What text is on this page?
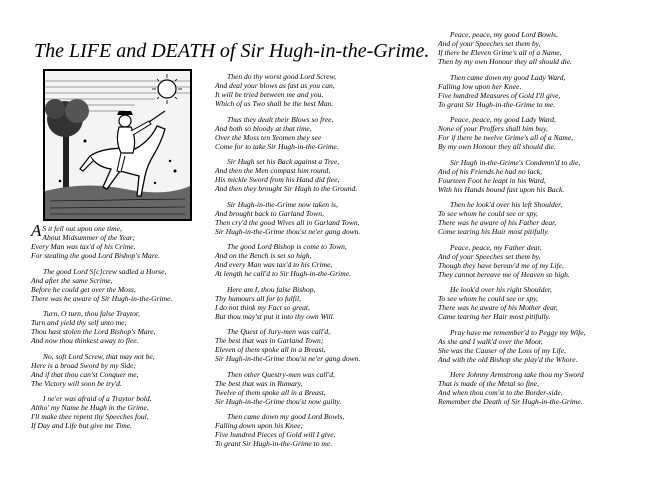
The LIFE and DEATH of Sir Hugh-in-the-Grime.
A S it fell out upon one time,
About Midsummer of the Year;
Every Man was tax'd of his Crime,
For stealing the good Lord Bishop's Mare.
The good Lord S[c]crew sadled a Horse,
And after the same Scrime,
Before he could get over the Moss,
There was he aware of Sir Hugh-in-the-Grime.
Turn, O turn, thou false Traytor,
Turn and yield thy self unto me;
Thou hast stolen the Lord Bishop's Mare,
And now thou thinkest away to flee.
No, soft Lord Screw, that may not be,
Here is a broad Sword by my Side;
And if that thou can'st Conquer me,
The Victory will soon be try'd.
I ne'er was afraid of a Traytor bold,
Altho' my Name be Hugh in the Grime,
I'll make thee repent thy Speeches foul,
If Day and Life but give me Time.
Then do thy worst good Lord Screw,
And deal your blows as fast as you can,
It will be tried between me and you,
Which of us Two shall be the best Man.
Thus they dealt their Blows so free,
And both so bloody at that time,
Over the Moss ten Yeomen they see
Come for to take Sir Hugh-in-the-Grime.
Sir Hugh set his Back against a Tree,
And then the Men compast him round,
His mickle Sword from his Hand did flee,
And then they brought Sir Hugh to the Ground.
Sir Hugh-in-the-Grime now taken is,
And brought back to Garland Town,
Then cry'd the good Wives all in Garland Town,
Sir Hugh-in-the-Grime thou'st ne'er gang down.
The good Lord Bishop is come to Town,
And on the Bench is set so high,
And every Man was tax'd to his Crime,
At length he call'd to Sir Hugh-in-the-Grime.
Here am I, thou false Bishop,
Thy humours all for to fulfil,
I do not think my Fact so great,
But thou may'st put it into thy own Will.
The Quest of Jury-men was call'd,
The best that was in Garland Town;
Eleven of them spoke all in a Breast,
Sir Hugh-in-the-Grime thou'st ne'er gang down.
Then other Questry-men was call'd,
The best that was in Rumary,
Twelve of them spoke all in a Breast,
Sir Hugh-in-the-Grime thou'st now guilty.
Then came down my good Lord Bowls,
Falling down upon his Knee;
Five hundred Pieces of Gold will I give,
To grant Sir Hugh-in-the-Grime to me.
Peace, peace, my good Lord Bowls,
And of your Speeches set them by,
If there be Eleven Grime's all of a Name,
Then by my own Honour they all should die.
Then came down my good Lady Ward,
Falling low upon her Knee,
Five hundred Measures of Gold I'll give,
To grant Sir Hugh-in-the-Grime to me.
Peace, peace, my good Lady Ward,
None of your Proffers shall him buy,
For if there be twelve Grime's all of a Name,
By my own Honour they all should die.
Sir Hugh in-the-Grime's Condemn'd to die,
And of his Friends he had no lack,
Fourteen Foot he leapt in his Ward,
With his Hands bound fast upon his Back.
Then he look'd over his left Shoulder,
To see whom he could see or spy,
There was he aware of his Father dear,
Come tearing his Hair most pitifully.
Peace, peace, my Father dear,
And of your Speeches set them by,
Though they have bereav'd me of my Life,
They cannot bereave me of Heaven so high.
He look'd over his right Shoulder,
To see whom he could see or spy,
There was he aware of his Mother dear,
Came tearing her Hair most pitifully.
Pray have me remember'd to Peggy my Wife,
As she and I walk'd over the Moor,
She was the Causer of the Loss of my Life,
And with the old Bishop she play'd the Whore.
Here Johnny Armstrong take thou my Sword
That is made of the Metal so fine,
And when thou com'st to the Border-side,
Remember the Death of Sir Hugh-in-the-Grime.
